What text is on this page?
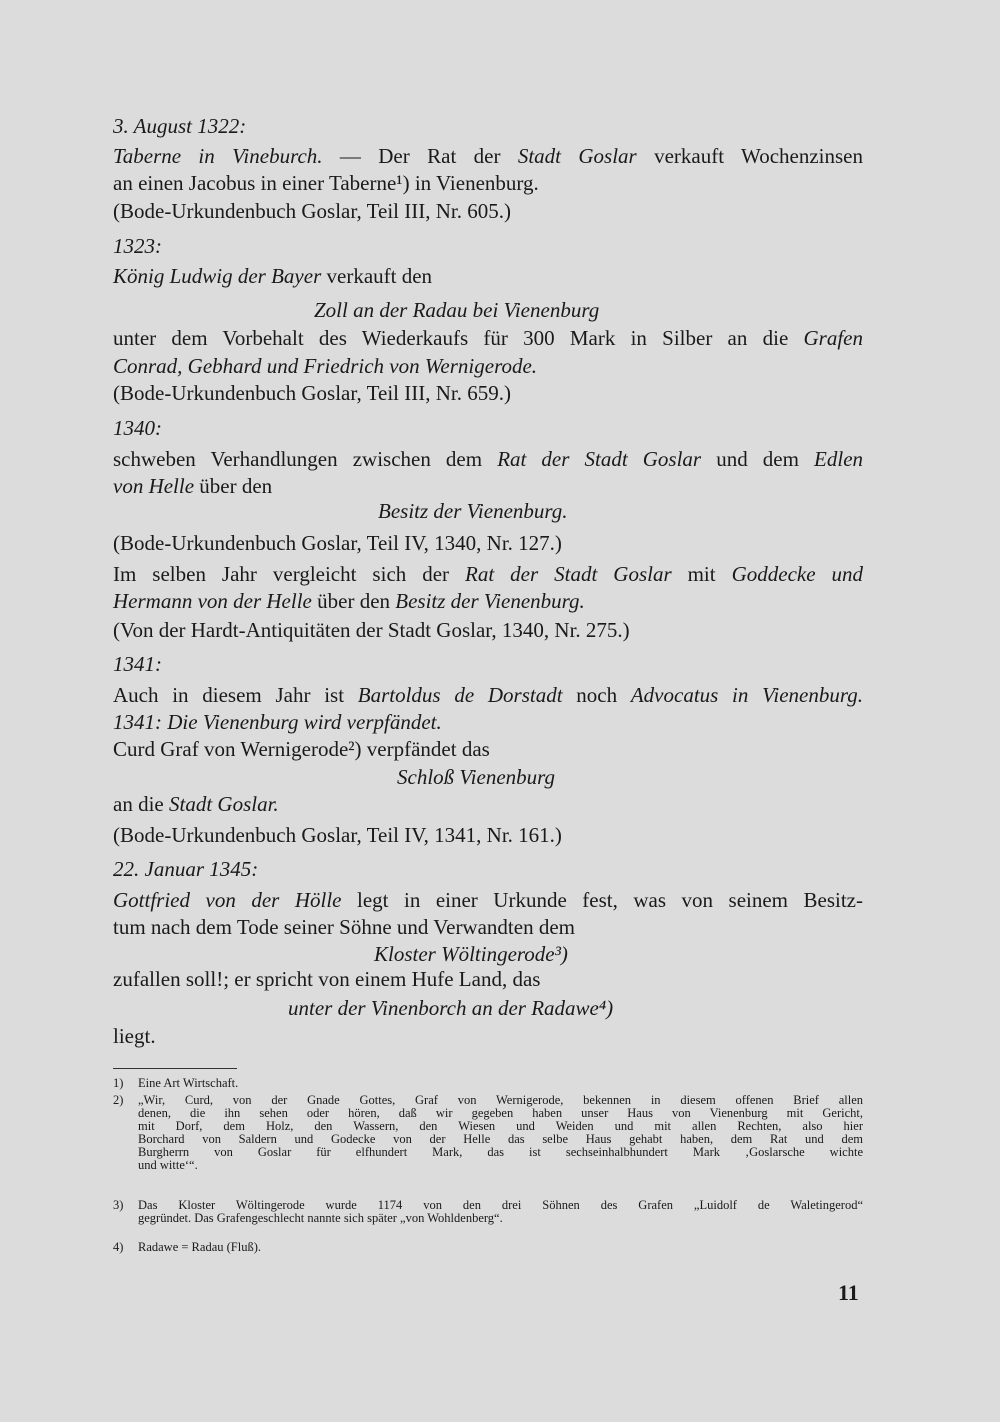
3. August 1322:
Taberne in Vineburch. — Der Rat der Stadt Goslar verkauft Wochenzinsen
an einen Jacobus in einer Taberne¹) in Vienenburg.
(Bode-Urkundenbuch Goslar, Teil III, Nr. 605.)
1323:
König Ludwig der Bayer verkauft den
Zoll an der Radau bei Vienenburg
unter dem Vorbehalt des Wiederkaufs für 300 Mark in Silber an die Grafen
Conrad, Gebhard und Friedrich von Wernigerode.
(Bode-Urkundenbuch Goslar, Teil III, Nr. 659.)
1340:
schweben Verhandlungen zwischen dem Rat der Stadt Goslar und dem Edlen
von Helle über den
Besitz der Vienenburg.
(Bode-Urkundenbuch Goslar, Teil IV, 1340, Nr. 127.)
Im selben Jahr vergleicht sich der Rat der Stadt Goslar mit Goddecke und
Hermann von der Helle über den Besitz der Vienenburg.
(Von der Hardt-Antiquitäten der Stadt Goslar, 1340, Nr. 275.)
1341:
Auch in diesem Jahr ist Bartoldus de Dorstadt noch Advocatus in Vienenburg.
1341: Die Vienenburg wird verpfändet.
Curd Graf von Wernigerode²) verpfändet das
Schloß Vienenburg
an die Stadt Goslar.
(Bode-Urkundenbuch Goslar, Teil IV, 1341, Nr. 161.)
22. Januar 1345:
Gottfried von der Hölle legt in einer Urkunde fest, was von seinem Besitz-
tum nach dem Tode seiner Söhne und Verwandten dem
Kloster Wöltingerode³)
zufallen soll!; er spricht von einem Hufe Land, das
unter der Vinenborch an der Radawe⁴)
liegt.
1) Eine Art Wirtschaft.
2) „Wir, Curd, von der Gnade Gottes, Graf von Wernigerode, bekennen in diesem offenen Brief allen
denen, die ihn sehen oder hören, daß wir gegeben haben unser Haus von Vienenburg mit Gericht,
mit Dorf, dem Holz, den Wassern, den Wiesen und Weiden und mit allen Rechten, also hier
Borchard von Saldern und Godecke von der Helle das selbe Haus gehabt haben, dem Rat und dem
Burgherrn von Goslar für elfhundert Mark, das ist sechseinhalbhundert Mark ‚Goslarsche wichte
und witte‘“.
3) Das Kloster Wöltingerode wurde 1174 von den drei Söhnen des Grafen „Luidolf de Waletingerod“
gegründet. Das Grafengeschlecht nannte sich später „von Wohldenberg“.
4) Radawe = Radau (Fluß).
11
